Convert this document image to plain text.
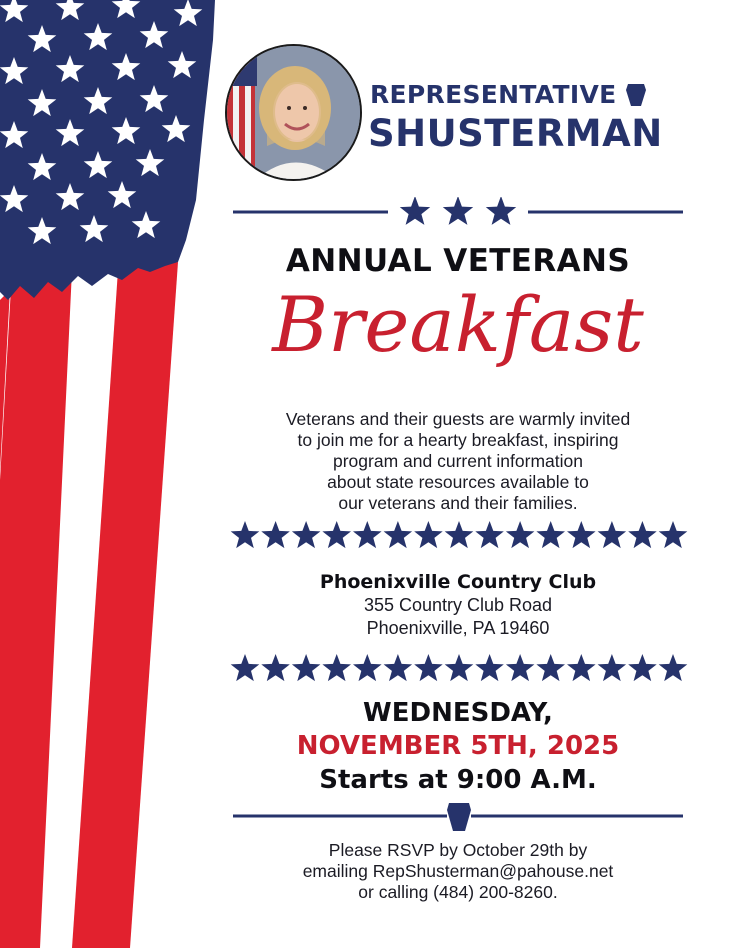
REPRESENTATIVE
SHUSTERMAN
ANNUAL VETERANS
Breakfast
Veterans and their guests are warmly invited
to join me for a hearty breakfast, inspiring
program and current information
about state resources available to
our veterans and their families.
Phoenixville Country Club
355 Country Club Road
Phoenixville, PA 19460
WEDNESDAY,
NOVEMBER 5TH, 2025
Starts at 9:00 A.M.
Please RSVP by October 29th by
emailing RepShusterman@pahouse.net
or calling (484) 200-8260.
